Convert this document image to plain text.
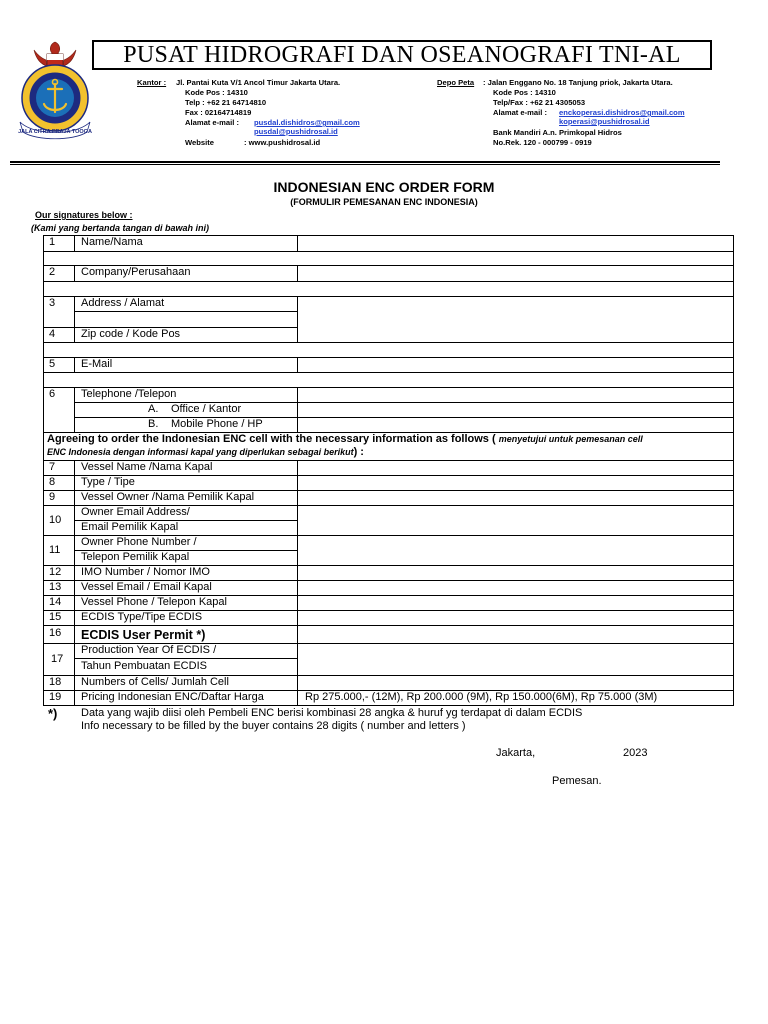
JALA CITRA PRAJA TOOGA
PUSAT HIDROGRAFI DAN OSEANOGRAFI TNI-AL
Kantor : Jl. Pantai Kuta V/1 Ancol Timur Jakarta Utara.
Kode Pos : 14310
Telp : +62 21 64714810
Fax : 02164714819
Alamat e-mail : pusdal.dishidros@gmail.com
pusdal@pushidrosal.id
Website	: www.pushidrosal.id
Depo Peta : Jalan Enggano No. 18 Tanjung priok, Jakarta Utara.
Kode Pos : 14310
Telp/Fax : +62 21 4305053
Alamat e-mail : enckoperasi.dishidros@gmail.com
koperasi@pushidrosal.id
Bank Mandiri A.n. Primkopal Hidros
No.Rek. 120 - 000799 - 0919
INDONESIAN ENC ORDER FORM
(FORMULIR PEMESANAN ENC INDONESIA)
Our signatures below :
(Kami yang bertanda tangan di bawah ini)
1 Name/Nama
2 Company/Perusahaan
3 Address / Alamat
4 Zip code / Kode Pos
5 E-Mail
6 Telephone /Telepon
A. Office / Kantor
B. Mobile Phone / HP
Agreeing to order the Indonesian ENC cell with the necessary information as follows ( menyetujui untuk pemesanan cell
ENC Indonesia dengan informasi kapal yang diperlukan sebagai berikut) :
7 Vessel Name /Nama Kapal
8 Type / Tipe
9 Vessel Owner /Nama Pemilik Kapal
10
Owner Email Address/
Email Pemilik Kapal
11
Owner Phone Number /
Telepon Pemilik Kapal
12 IMO Number / Nomor IMO
13 Vessel Email / Email Kapal
14 Vessel Phone / Telepon Kapal
15 ECDIS Type/Tipe ECDIS
16 ECDIS User Permit *)
17
Production Year Of ECDIS /
Tahun Pembuatan ECDIS
18 Numbers of Cells/ Jumlah Cell
19 Pricing Indonesian ENC/Daftar Harga	Rp 275.000,- (12M), Rp 200.000 (9M), Rp 150.000(6M), Rp 75.000 (3M)
*) Data yang wajib diisi oleh Pembeli ENC berisi kombinasi 28 angka & huruf yg terdapat di dalam ECDIS
Info necessary to be filled by the buyer contains 28 digits ( number and letters )
Jakarta,	2023
Pemesan.
